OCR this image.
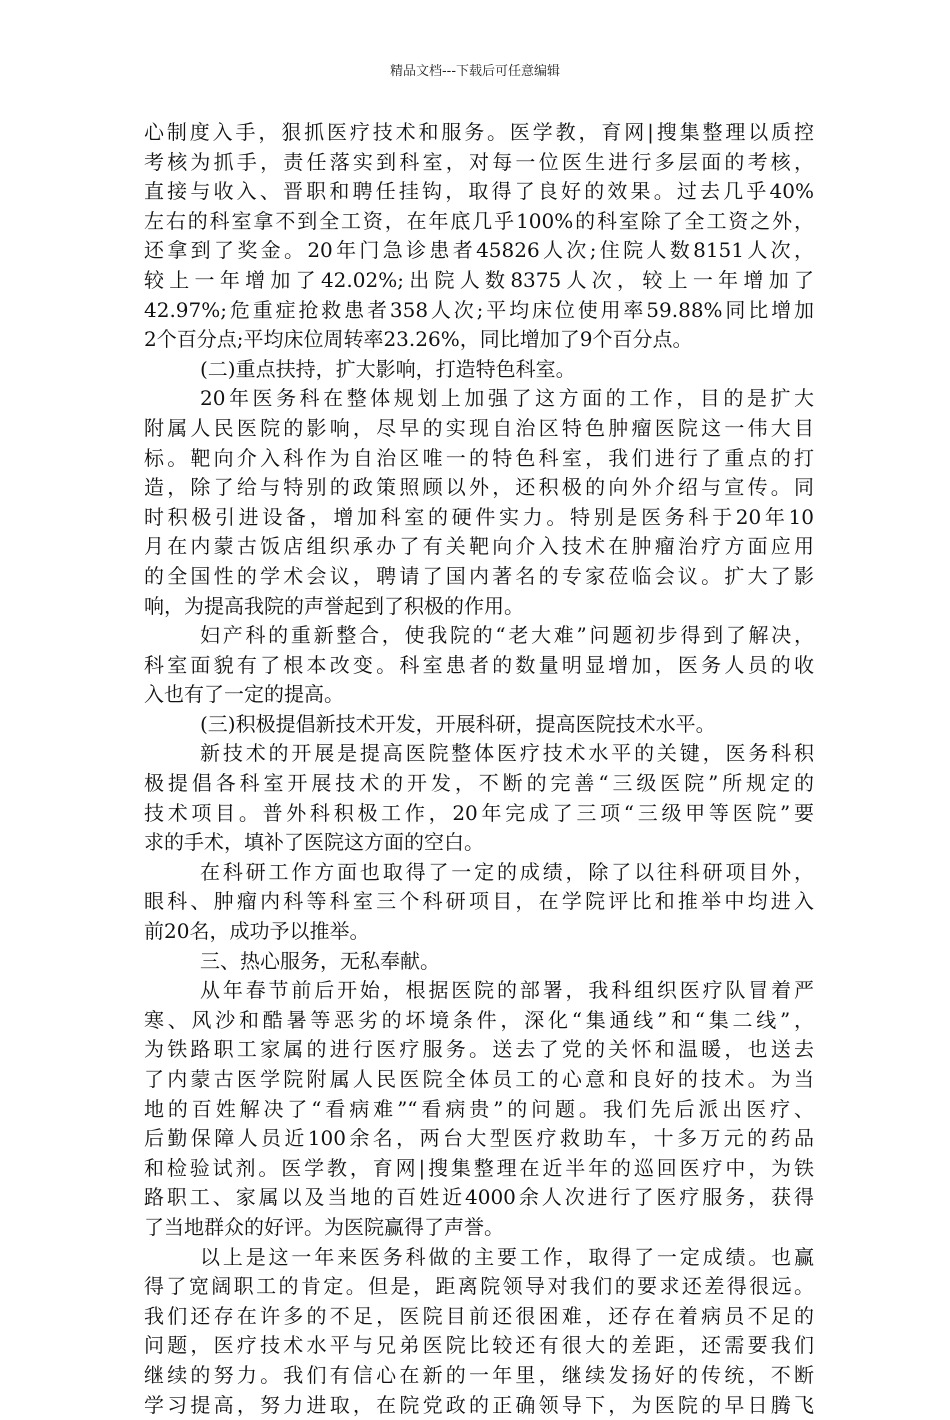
精品文档---下载后可任意编辑
心制度入手，狠抓医疗技术和服务。医学教，育网|搜集整理以质控
考核为抓手，责任落实到科室，对每一位医生进行多层面的考核，
直接与收入、晋职和聘任挂钩，取得了良好的效果。过去几乎40%
左右的科室拿不到全工资，在年底几乎100%的科室除了全工资之外，
还拿到了奖金。20年门急诊患者45826人次;住院人数8151人次，
较上一年增加了42.02%;出院人数8375人次，较上一年增加了
42.97%;危重症抢救患者358人次;平均床位使用率59.88%同比增加
2个百分点;平均床位周转率23.26%，同比增加了9个百分点。
(二)重点扶持，扩大影响，打造特色科室。
20年医务科在整体规划上加强了这方面的工作，目的是扩大
附属人民医院的影响，尽早的实现自治区特色肿瘤医院这一伟大目
标。靶向介入科作为自治区唯一的特色科室，我们进行了重点的打
造，除了给与特别的政策照顾以外，还积极的向外介绍与宣传。同
时积极引进设备，增加科室的硬件实力。特别是医务科于20年10
月在内蒙古饭店组织承办了有关靶向介入技术在肿瘤治疗方面应用
的全国性的学术会议，聘请了国内著名的专家莅临会议。扩大了影
响，为提高我院的声誉起到了积极的作用。
妇产科的重新整合，使我院的“老大难”问题初步得到了解决，
科室面貌有了根本改变。科室患者的数量明显增加，医务人员的收
入也有了一定的提高。
(三)积极提倡新技术开发，开展科研，提高医院技术水平。
新技术的开展是提高医院整体医疗技术水平的关键，医务科积
极提倡各科室开展技术的开发，不断的完善“三级医院”所规定的
技术项目。普外科积极工作，20年完成了三项“三级甲等医院”要
求的手术，填补了医院这方面的空白。
在科研工作方面也取得了一定的成绩，除了以往科研项目外，
眼科、肿瘤内科等科室三个科研项目，在学院评比和推举中均进入
前20名，成功予以推举。
三、热心服务，无私奉献。
从年春节前后开始，根据医院的部署，我科组织医疗队冒着严
寒、风沙和酷暑等恶劣的坏境条件，深化“集通线”和“集二线”，
为铁路职工家属的进行医疗服务。送去了党的关怀和温暖，也送去
了内蒙古医学院附属人民医院全体员工的心意和良好的技术。为当
地的百姓解决了“看病难”“看病贵”的问题。我们先后派出医疗、
后勤保障人员近100余名，两台大型医疗救助车，十多万元的药品
和检验试剂。医学教，育网|搜集整理在近半年的巡回医疗中，为铁
路职工、家属以及当地的百姓近4000余人次进行了医疗服务，获得
了当地群众的好评。为医院赢得了声誉。
以上是这一年来医务科做的主要工作，取得了一定成绩。也赢
得了宽阔职工的肯定。但是，距离院领导对我们的要求还差得很远。
我们还存在许多的不足，医院目前还很困难，还存在着病员不足的
问题，医疗技术水平与兄弟医院比较还有很大的差距，还需要我们
继续的努力。我们有信心在新的一年里，继续发扬好的传统，不断
学习提高，努力进取，在院党政的正确领导下，为医院的早日腾飞
